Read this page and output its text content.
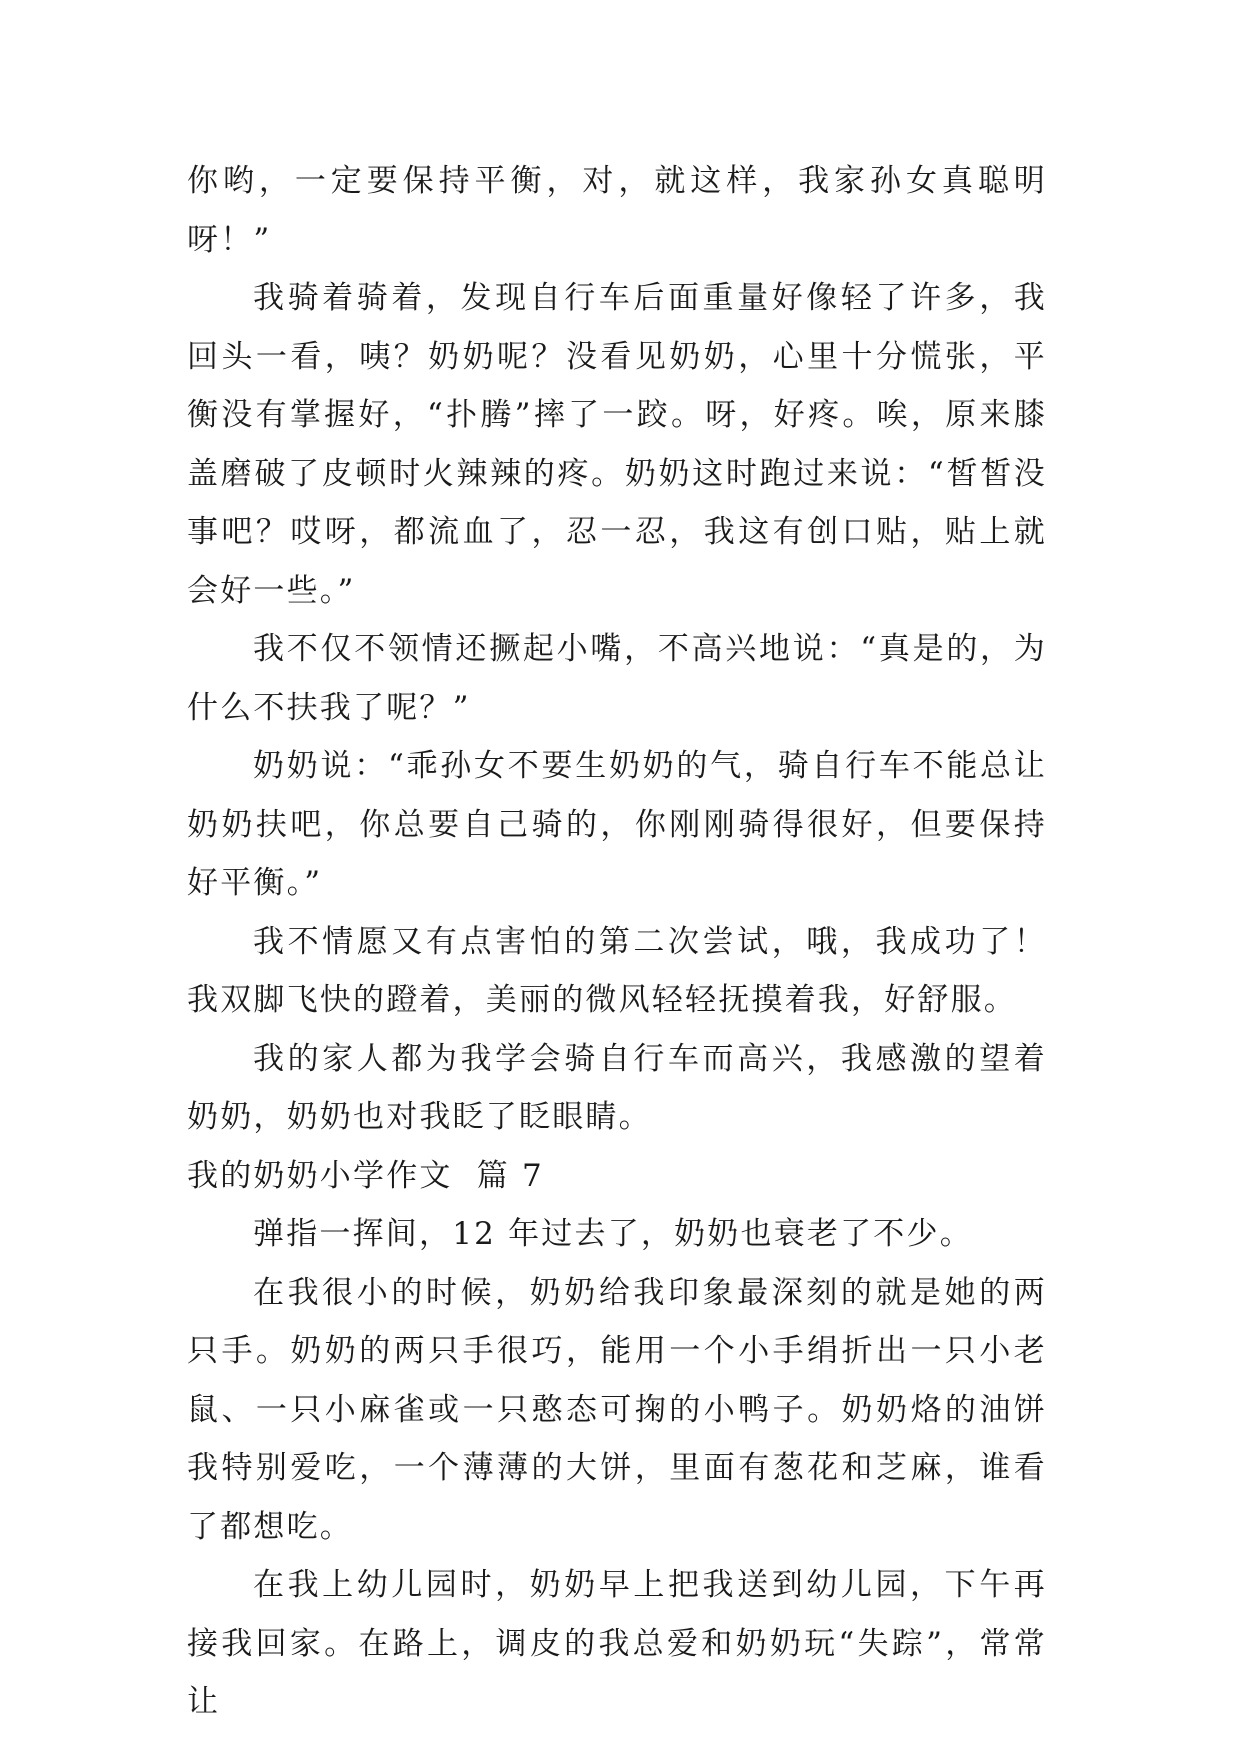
你哟，一定要保持平衡，对，就这样，我家孙女真聪明呀！”

我骑着骑着，发现自行车后面重量好像轻了许多，我回头一看，咦？奶奶呢？没看见奶奶，心里十分慌张，平衡没有掌握好，“扑腾”摔了一跤。呀，好疼。唉，原来膝盖磨破了皮顿时火辣辣的疼。奶奶这时跑过来说：“皙皙没事吧？哎呀，都流血了，忍一忍，我这有创口贴，贴上就会好一些。”

我不仅不领情还撅起小嘴，不高兴地说：“真是的，为什么不扶我了呢？”

奶奶说：“乖孙女不要生奶奶的气，骑自行车不能总让奶奶扶吧，你总要自己骑的，你刚刚骑得很好，但要保持好平衡。”

我不情愿又有点害怕的第二次尝试，哦，我成功了！我双脚飞快的蹬着，美丽的微风轻轻抚摸着我，好舒服。

我的家人都为我学会骑自行车而高兴，我感激的望着奶奶，奶奶也对我眨了眨眼睛。

我的奶奶小学作文  篇 7

弹指一挥间，12 年过去了，奶奶也衰老了不少。

在我很小的时候，奶奶给我印象最深刻的就是她的两只手。奶奶的两只手很巧，能用一个小手绢折出一只小老鼠、一只小麻雀或一只憨态可掬的小鸭子。奶奶烙的油饼我特别爱吃，一个薄薄的大饼，里面有葱花和芝麻，谁看了都想吃。

在我上幼儿园时，奶奶早上把我送到幼儿园，下午再接我回家。在路上，调皮的我总爱和奶奶玩“失踪”，常常让
